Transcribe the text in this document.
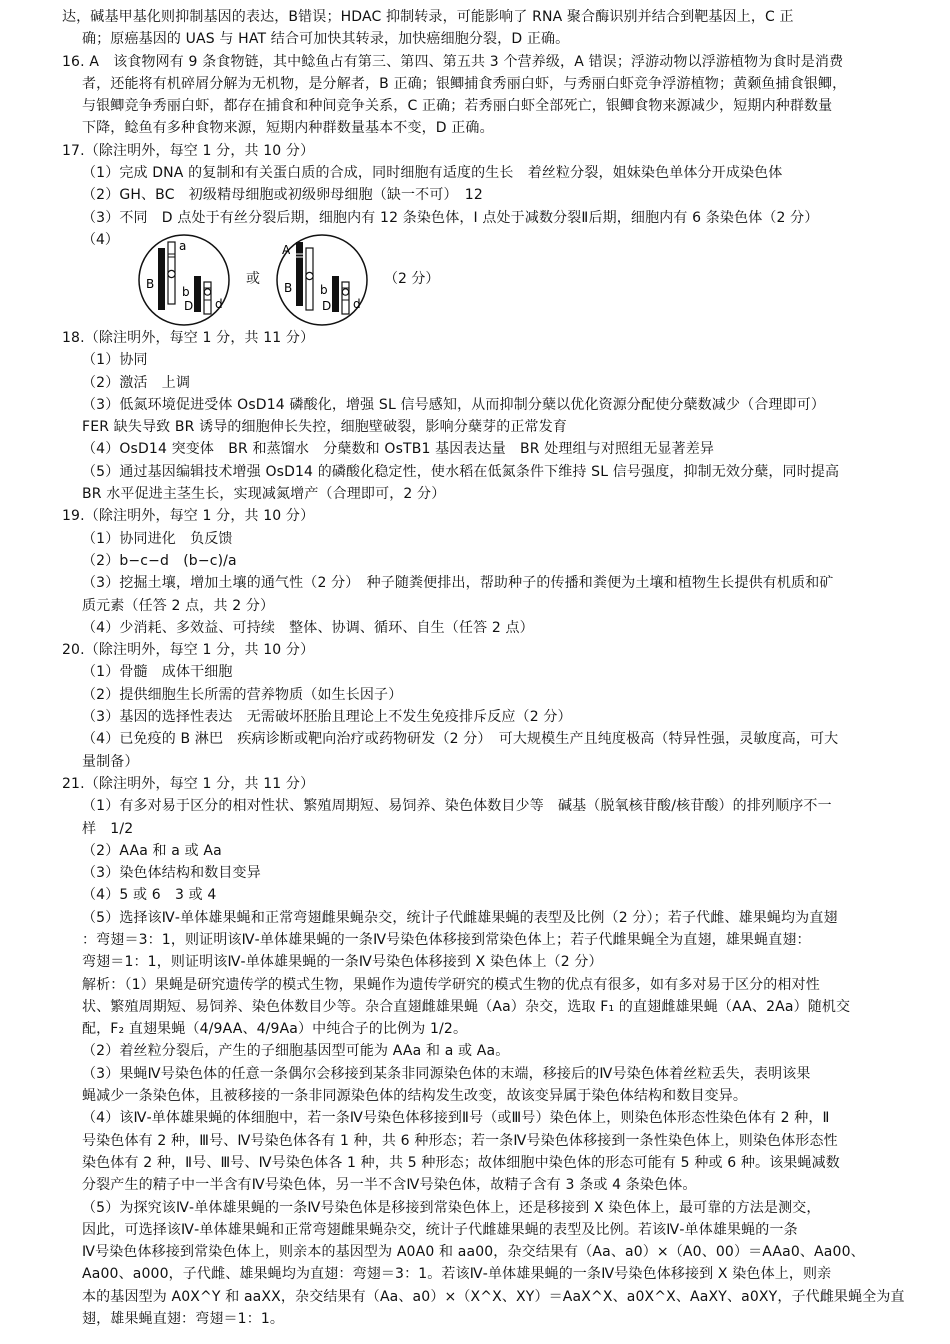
达，碱基甲基化则抑制基因的表达，B错误；HDAC 抑制转录，可能影响了 RNA 聚合酶识别并结合到靶基因上，C 正
确；原癌基因的 UAS 与 HAT 结合可加快其转录，加快癌细胞分裂，D 正确。
16. A　该食物网有 9 条食物链，其中鲶鱼占有第三、第四、第五共 3 个营养级，A 错误；浮游动物以浮游植物为食时是消费
者，还能将有机碎屑分解为无机物，是分解者，B 正确；银鲫捕食秀丽白虾，与秀丽白虾竞争浮游植物；黄颡鱼捕食银鲫，
与银鲫竞争秀丽白虾，都存在捕食和种间竞争关系，C 正确；若秀丽白虾全部死亡，银鲫食物来源减少，短期内种群数量
下降，鲶鱼有多种食物来源，短期内种群数量基本不变，D 正确。
17.（除注明外，每空 1 分，共 10 分）
（1）完成 DNA 的复制和有关蛋白质的合成，同时细胞有适度的生长　着丝粒分裂，姐妹染色单体分开成染色体
（2）GH、BC　初级精母细胞或初级卵母细胞（缺一不可）　12
（3）不同　D 点处于有丝分裂后期，细胞内有 12 条染色体，I 点处于减数分裂Ⅱ后期，细胞内有 6 条染色体（2 分）
（4）	a
B
b
D d
或
A
B b
D d
（2 分）
18.（除注明外，每空 1 分，共 11 分）
（1）协同
（2）激活　上调
（3）低氮环境促进受体 OsD14 磷酸化，增强 SL 信号感知，从而抑制分蘖以优化资源分配使分蘖数减少（合理即可）
FER 缺失导致 BR 诱导的细胞伸长失控，细胞壁破裂，影响分蘖芽的正常发育
（4）OsD14 突变体　BR 和蒸馏水　分蘖数和 OsTB1 基因表达量　BR 处理组与对照组无显著差异
（5）通过基因编辑技术增强 OsD14 的磷酸化稳定性，使水稻在低氮条件下维持 SL 信号强度，抑制无效分蘖，同时提高
BR 水平促进主茎生长，实现减氮增产（合理即可，2 分）
19.（除注明外，每空 1 分，共 10 分）
（1）协同进化　负反馈
（2）b−c−d　(b−c)/a
（3）挖掘土壤，增加土壤的通气性（2 分）　种子随粪便排出，帮助种子的传播和粪便为土壤和植物生长提供有机质和矿
质元素（任答 2 点，共 2 分）
（4）少消耗、多效益、可持续　整体、协调、循环、自生（任答 2 点）
20.（除注明外，每空 1 分，共 10 分）
（1）骨髓　成体干细胞
（2）提供细胞生长所需的营养物质（如生长因子）
（3）基因的选择性表达　无需破坏胚胎且理论上不发生免疫排斥反应（2 分）
（4）已免疫的 B 淋巴　疾病诊断或靶向治疗或药物研发（2 分）　可大规模生产且纯度极高（特异性强，灵敏度高，可大
量制备）
21.（除注明外，每空 1 分，共 11 分）
（1）有多对易于区分的相对性状、繁殖周期短、易饲养、染色体数目少等　碱基（脱氧核苷酸/核苷酸）的排列顺序不一
样　1/2
（2）AAa 和 a 或 Aa
（3）染色体结构和数目变异
（4）5 或 6　3 或 4
（5）选择该Ⅳ-单体雄果蝇和正常弯翅雌果蝇杂交，统计子代雌雄果蝇的表型及比例（2 分）；若子代雌、雄果蝇均为直翅
：弯翅＝3：1，则证明该Ⅳ-单体雄果蝇的一条Ⅳ号染色体移接到常染色体上；若子代雌果蝇全为直翅，雄果蝇直翅：
弯翅＝1：1，则证明该Ⅳ-单体雄果蝇的一条Ⅳ号染色体移接到 X 染色体上（2 分）
解析：（1）果蝇是研究遗传学的模式生物，果蝇作为遗传学研究的模式生物的优点有很多，如有多对易于区分的相对性
状、繁殖周期短、易饲养、染色体数目少等。杂合直翅雌雄果蝇（Aa）杂交，选取 F₁ 的直翅雌雄果蝇（AA、2Aa）随机交
配，F₂ 直翅果蝇（4/9AA、4/9Aa）中纯合子的比例为 1/2。
（2）着丝粒分裂后，产生的子细胞基因型可能为 AAa 和 a 或 Aa。
（3）果蝇Ⅳ号染色体的任意一条偶尔会移接到某条非同源染色体的末端，移接后的Ⅳ号染色体着丝粒丢失，表明该果
蝇减少一条染色体，且被移接的一条非同源染色体的结构发生改变，故该变异属于染色体结构和数目变异。
（4）该Ⅳ-单体雄果蝇的体细胞中，若一条Ⅳ号染色体移接到Ⅱ号（或Ⅲ号）染色体上，则染色体形态性染色体有 2 种，Ⅱ
号染色体有 2 种，Ⅲ号、Ⅳ号染色体各有 1 种，共 6 种形态；若一条Ⅳ号染色体移接到一条性染色体上，则染色体形态性
染色体有 2 种，Ⅱ号、Ⅲ号、Ⅳ号染色体各 1 种，共 5 种形态；故体细胞中染色体的形态可能有 5 种或 6 种。该果蝇减数
分裂产生的精子中一半含有Ⅳ号染色体，另一半不含Ⅳ号染色体，故精子含有 3 条或 4 条染色体。
（5）为探究该Ⅳ-单体雄果蝇的一条Ⅳ号染色体是移接到常染色体上，还是移接到 X 染色体上，最可靠的方法是测交，
因此，可选择该Ⅳ-单体雄果蝇和正常弯翅雌果蝇杂交，统计子代雌雄果蝇的表型及比例。若该Ⅳ-单体雄果蝇的一条
Ⅳ号染色体移接到常染色体上，则亲本的基因型为 A0A0 和 aa00，杂交结果有（Aa、a0）×（A0、00）＝AAa0、Aa00、
Aa00、a000，子代雌、雄果蝇均为直翅：弯翅＝3：1。若该Ⅳ-单体雄果蝇的一条Ⅳ号染色体移接到 X 染色体上，则亲
本的基因型为 A0X^Y 和 aaXX，杂交结果有（Aa、a0）×（X^X、XY）＝AaX^X、a0X^X、AaXY、a0XY，子代雌果蝇全为直
翅，雄果蝇直翅：弯翅＝1：1。
